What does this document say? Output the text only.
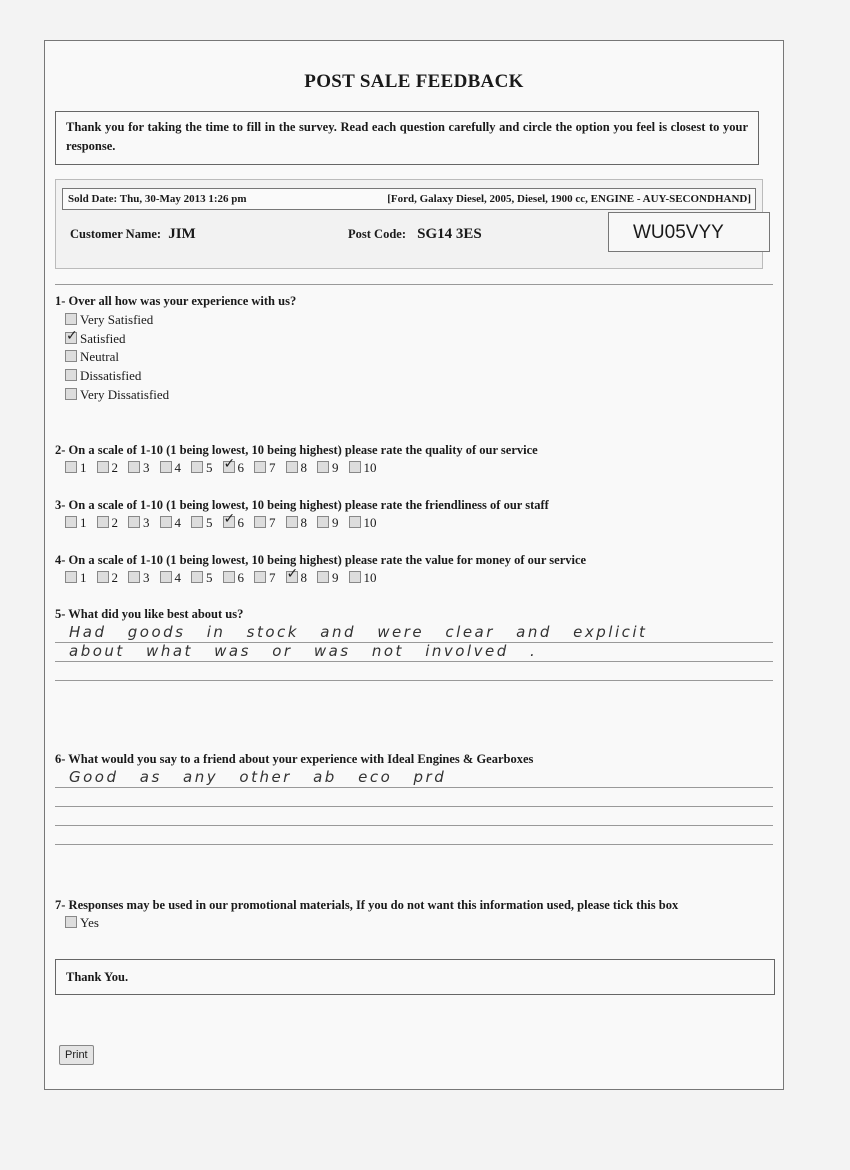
POST SALE FEEDBACK
Thank you for taking the time to fill in the survey. Read each question carefully and circle the option you feel is closest to your response.
Sold Date: Thu, 30-May 2013 1:26 pm	[Ford, Galaxy Diesel, 2005, Diesel, 1900 cc, ENGINE - AUY-SECONDHAND]
Customer Name: JIM	Post Code: SG14 3ES	WU05VYY
1- Over all how was your experience with us?
Very Satisfied
✓Satisfied
Neutral
Dissatisfied
Very Dissatisfied
2- On a scale of 1-10 (1 being lowest, 10 being highest) please rate the quality of our service
1 2 3 4 5 ✓ 6 7 8 9 10
3- On a scale of 1-10 (1 being lowest, 10 being highest) please rate the friendliness of our staff
1 2 3 4 5 ✓ 6 7 8 9 10
4- On a scale of 1-10 (1 being lowest, 10 being highest) please rate the value for money of our service
1 2 3 4 5 6 7 ✓ 8 9 10
5- What did you like best about us?
Had goods in stock and were clear and explicit
about what was or was not involved .
6- What would you say to a friend about your experience with Ideal Engines & Gearboxes
Good as any other ab eco prd
7- Responses may be used in our promotional materials, If you do not want this information used, please tick this box
Yes
Thank You.
Print
